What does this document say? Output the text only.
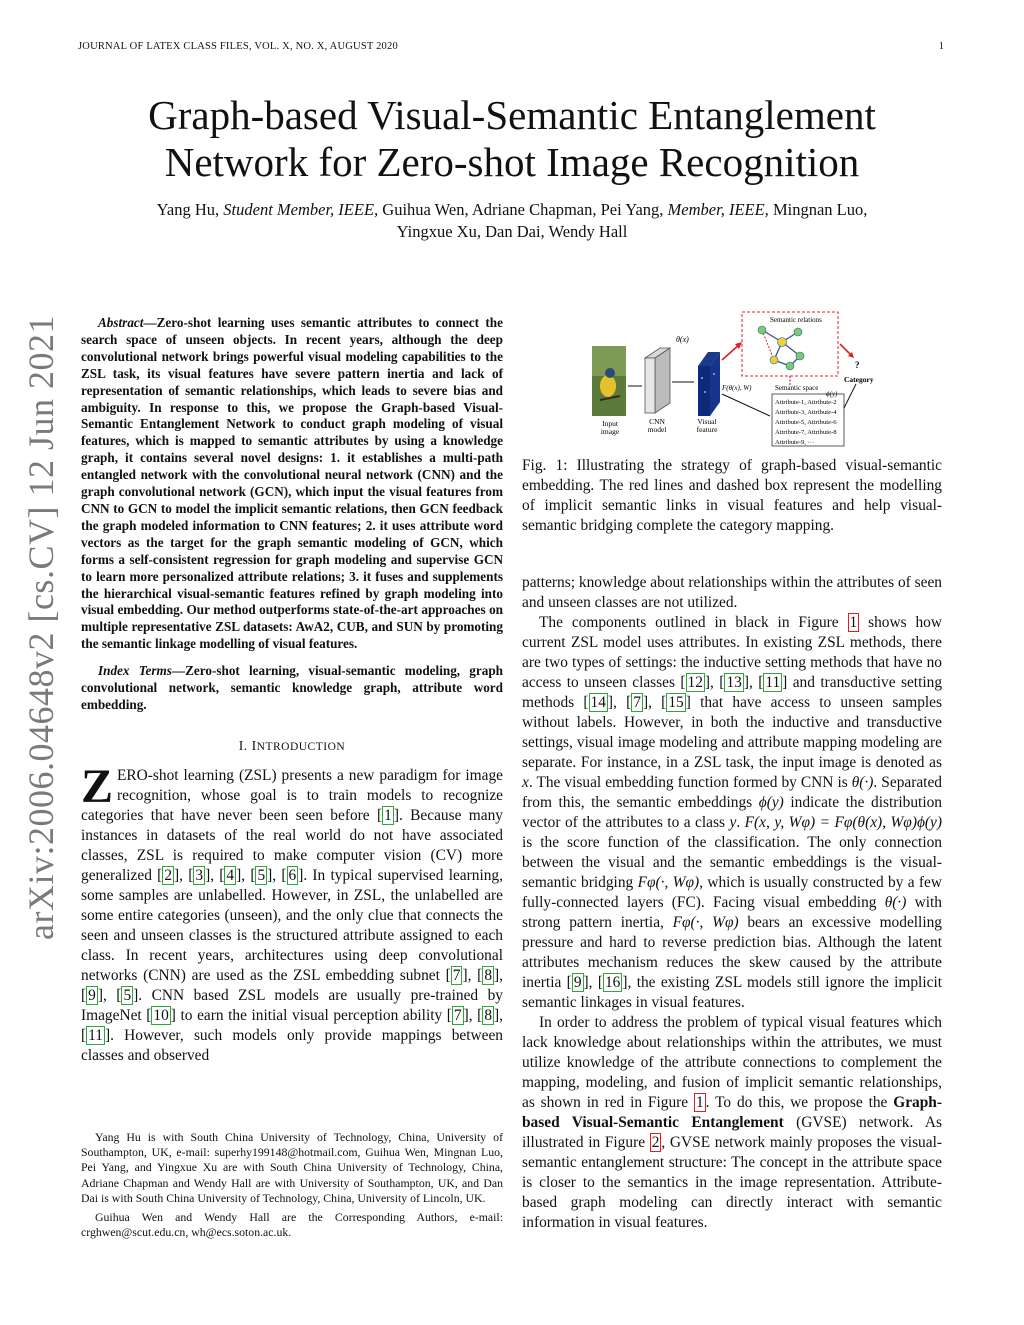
JOURNAL OF LATEX CLASS FILES, VOL. X, NO. X, AUGUST 2020	1
Graph-based Visual-Semantic Entanglement
Network for Zero-shot Image Recognition
Yang Hu, Student Member, IEEE, Guihua Wen, Adriane Chapman, Pei Yang, Member, IEEE, Mingnan Luo,
Yingxue Xu, Dan Dai, Wendy Hall
arXiv:2006.04648v2 [cs.CV] 12 Jun 2021	Abstract—Zero-shot learning uses semantic attributes to connect the search space of unseen objects. In recent years, although the deep convolutional network brings powerful visual modeling capabilities to the ZSL task, its visual features have severe pattern inertia and lack of representation of semantic relationships, which leads to severe bias and ambiguity. In response to this, we propose the Graph-based Visual-Semantic Entanglement Network to conduct graph modeling of visual features, which is mapped to semantic attributes by using a knowledge graph, it contains several novel designs: 1. it establishes a multi-path entangled network with the convolutional neural network (CNN) and the graph convolutional network (GCN), which input the visual features from CNN to GCN to model the implicit semantic relations, then GCN feedback the graph modeled information to CNN features; 2. it uses attribute word vectors as the target for the graph semantic modeling of GCN, which forms a self-consistent regression for graph modeling and supervise GCN to learn more personalized attribute relations; 3. it fuses and supplements the hierarchical visual-semantic features refined by graph modeling into visual embedding. Our method outperforms state-of-the-art approaches on multiple representative ZSL datasets: AwA2, CUB, and SUN by promoting the semantic linkage modelling of visual features.

Index Terms—Zero-shot learning, visual-semantic modeling, graph convolutional network, semantic knowledge graph, attribute word embedding.

I. INTRODUCTION

ZERO-shot learning (ZSL) presents a new paradigm for image recognition, whose goal is to train models to recognize categories that have never been seen before [ 1 ]. Because many instances in datasets of the real world do not have associated classes, ZSL is required to make computer vision (CV) more generalized [ 2 ], [ 3 ], [ 4 ], [ 5 ], [ 6 ]. In typical supervised learning, some samples are unlabelled. However, in ZSL, the unlabelled are some entire categories (unseen), and the only clue that connects the seen and unseen classes is the structured attribute assigned to each class. In recent years, architectures using deep convolutional networks (CNN) are used as the ZSL embedding subnet [ 7 ], [ 8 ], [ 9 ], [ 5 ]. CNN based ZSL models are usually pre-trained by ImageNet [ 10 ] to earn the initial visual perception ability [ 7 ], [ 8 ], [ 11 ]. However, such models only provide mappings between classes and observed

Yang Hu is with South China University of Technology, China, University of Southampton, UK, e-mail: superhy199148@hotmail.com, Guihua Wen, Mingnan Luo, Pei Yang, and Yingxue Xu are with South China University of Technology, China, Adriane Chapman and Wendy Hall are with University of Southampton, UK, and Dan Dai is with South China University of Technology, China, University of Lincoln, UK.

Guihua Wen and Wendy Hall are the Corresponding Authors, e-mail: crghwen@scut.edu.cn, wh@ecs.soton.ac.uk.

Input
image
θ(x)
CNN
model
Visual
feature
Semantic relations
F(θ(x), W)	Semantic space
ϕ(y)
Attribute-1, Attribute-2
Attribute-3, Attribute-4
Attribute-5, Attribute-6
Attribute-7, Attribute-8
Attribute-9, ···
?
Category
Fig. 1: Illustrating the strategy of graph-based visual-semantic embedding. The red lines and dashed box represent the modelling of implicit semantic links in visual features and help visual-semantic bridging complete the category mapping.

patterns; knowledge about relationships within the attributes of seen and unseen classes are not utilized.

The components outlined in black in Figure 1 shows how current ZSL model uses attributes. In existing ZSL methods, there are two types of settings: the inductive setting methods that have no access to unseen classes [ 12 ], [ 13 ], [ 11 ] and transductive setting methods [ 14 ], [ 7 ], [ 15 ] that have access to unseen samples without labels. However, in both the inductive and transductive settings, visual image modeling and attribute mapping modeling are separate. For instance, in a ZSL task, the input image is denoted as x. The visual embedding function formed by CNN is θ(·). Separated from this, the semantic embeddings ϕ(y) indicate the distribution vector of the attributes to a class y. F(x, y, Wφ) = Fφ(θ(x), Wφ)ϕ(y) is the score function of the classification. The only connection between the visual and the semantic embeddings is the visual-semantic bridging Fφ(·, Wφ), which is usually constructed by a few fully-connected layers (FC). Facing visual embedding θ(·) with strong pattern inertia, Fφ(·, Wφ) bears an excessive modelling pressure and hard to reverse prediction bias. Although the latent attributes mechanism reduces the skew caused by the attribute inertia [ 9 ], [ 16 ], the existing ZSL models still ignore the implicit semantic linkages in visual features.

In order to address the problem of typical visual features which lack knowledge about relationships within the attributes, we must utilize knowledge of the attribute connections to complement the mapping, modeling, and fusion of implicit semantic relationships, as shown in red in Figure 1 . To do this, we propose the Graph-based Visual-Semantic Entanglement (GVSE) network. As illustrated in Figure 2 , GVSE network mainly proposes the visual-semantic entanglement structure: The concept in the attribute space is closer to the semantics in the image representation. Attribute-based graph modeling can directly interact with semantic information in visual features.
